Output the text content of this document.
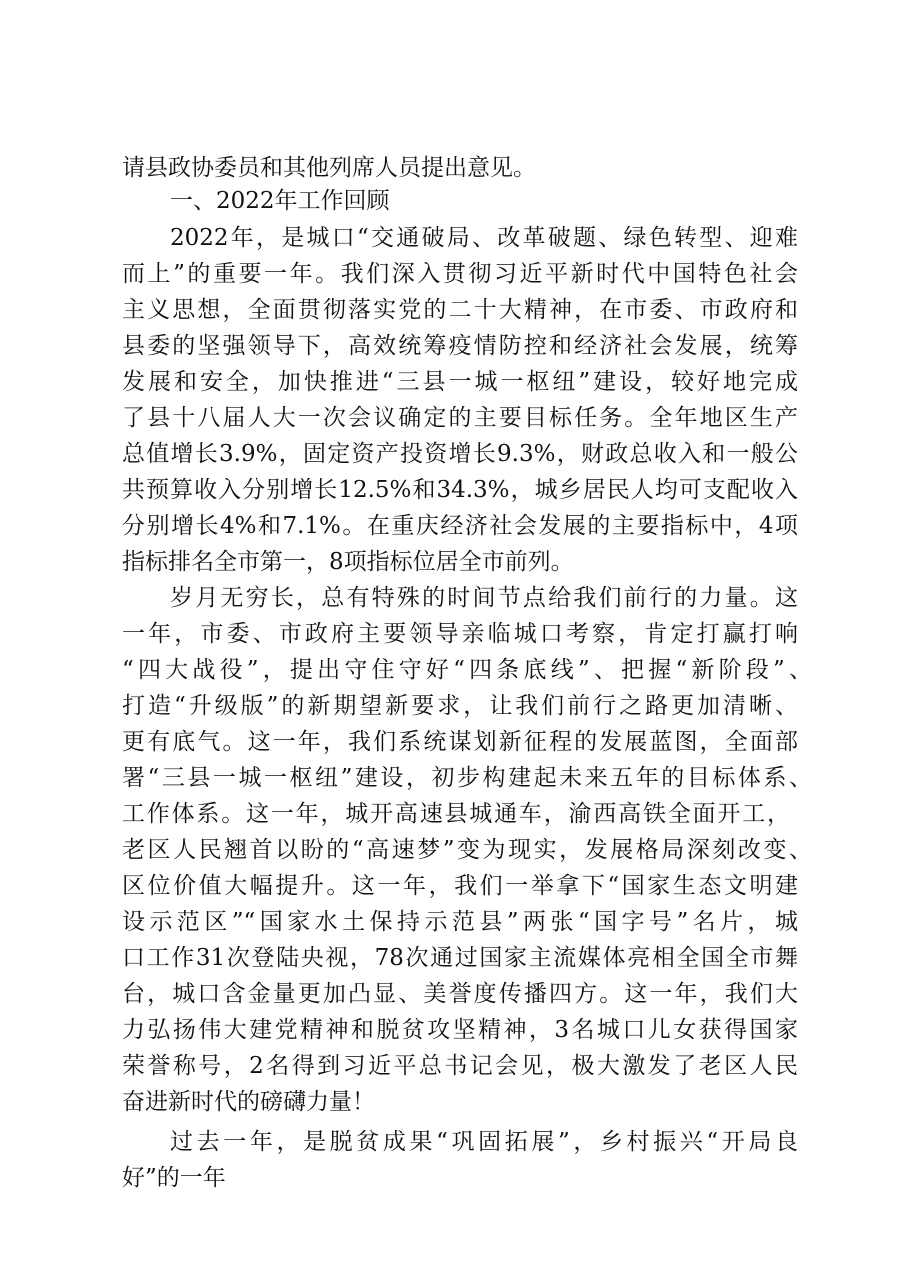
请县政协委员和其他列席人员提出意见。
一、2022年工作回顾
2022年，是城口“交通破局、改革破题、绿色转型、迎难
而上”的重要一年。我们深入贯彻习近平新时代中国特色社会
主义思想，全面贯彻落实党的二十大精神，在市委、市政府和
县委的坚强领导下，高效统筹疫情防控和经济社会发展，统筹
发展和安全，加快推进“三县一城一枢纽”建设，较好地完成
了县十八届人大一次会议确定的主要目标任务。全年地区生产
总值增长3.9%，固定资产投资增长9.3%，财政总收入和一般公
共预算收入分别增长12.5%和34.3%，城乡居民人均可支配收入
分别增长4%和7.1%。在重庆经济社会发展的主要指标中，4项
指标排名全市第一，8项指标位居全市前列。
岁月无穷长，总有特殊的时间节点给我们前行的力量。这
一年，市委、市政府主要领导亲临城口考察，肯定打赢打响
“四大战役”，提出守住守好“四条底线”、把握“新阶段”、
打造“升级版”的新期望新要求，让我们前行之路更加清晰、
更有底气。这一年，我们系统谋划新征程的发展蓝图，全面部
署“三县一城一枢纽”建设，初步构建起未来五年的目标体系、
工作体系。这一年，城开高速县城通车，渝西高铁全面开工，
老区人民翘首以盼的“高速梦”变为现实，发展格局深刻改变、
区位价值大幅提升。这一年，我们一举拿下“国家生态文明建
设示范区”“国家水土保持示范县”两张“国字号”名片，城
口工作31次登陆央视，78次通过国家主流媒体亮相全国全市舞
台，城口含金量更加凸显、美誉度传播四方。这一年，我们大
力弘扬伟大建党精神和脱贫攻坚精神，3名城口儿女获得国家
荣誉称号，2名得到习近平总书记会见，极大激发了老区人民
奋进新时代的磅礴力量！
过去一年，是脱贫成果“巩固拓展”，乡村振兴“开局良
好”的一年
